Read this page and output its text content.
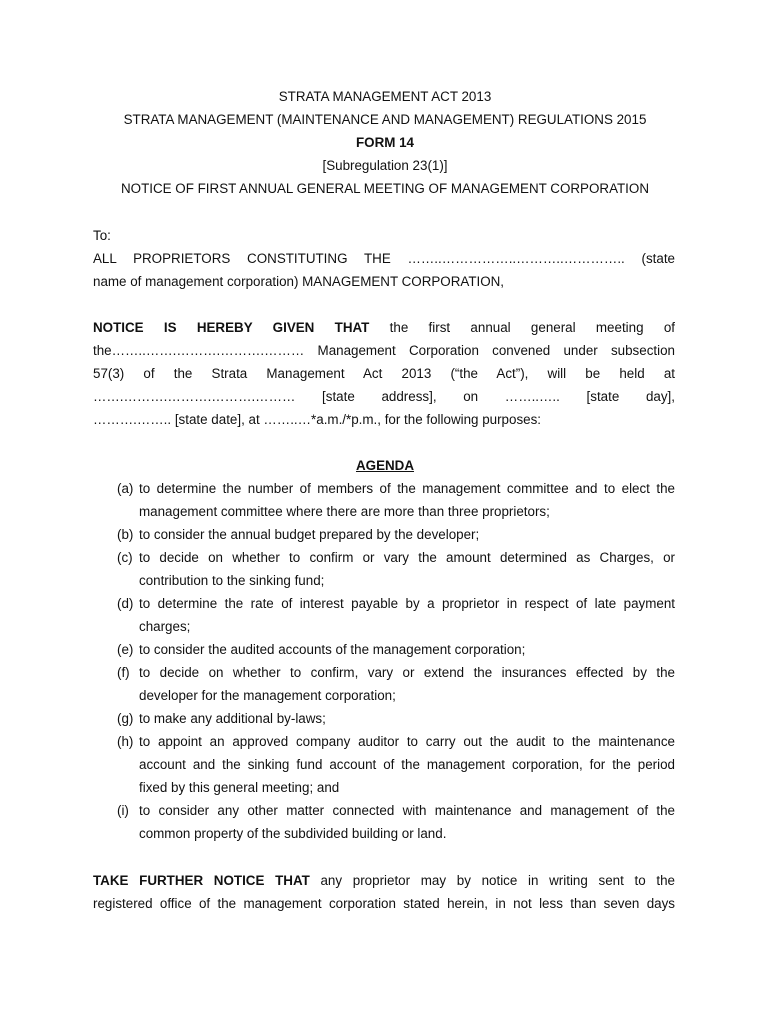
STRATA MANAGEMENT ACT 2013
STRATA MANAGEMENT (MAINTENANCE AND MANAGEMENT) REGULATIONS 2015
FORM 14
[Subregulation 23(1)]
NOTICE OF FIRST ANNUAL GENERAL MEETING OF MANAGEMENT CORPORATION
To:
ALL PROPRIETORS CONSTITUTING THE ……..……………..………..………….. (state
name of management corporation) MANAGEMENT CORPORATION,
NOTICE IS HEREBY GIVEN THAT the first annual general meeting of
the……..…….……….……….……… Management Corporation convened under subsection
57(3) of the Strata Management Act 2013 (“the Act”), will be held at
…….……….……….……….……… [state address], on ……..….. [state day],
……….…….. [state date], at ……..…*a.m./*p.m., for the following purposes:
AGENDA
(a) to determine the number of members of the management committee and to elect the
management committee where there are more than three proprietors;
(b) to consider the annual budget prepared by the developer;
(c) to decide on whether to confirm or vary the amount determined as Charges, or
contribution to the sinking fund;
(d) to determine the rate of interest payable by a proprietor in respect of late payment
charges;
(e) to consider the audited accounts of the management corporation;
(f) to decide on whether to confirm, vary or extend the insurances effected by the
developer for the management corporation;
(g) to make any additional by-laws;
(h) to appoint an approved company auditor to carry out the audit to the maintenance
account and the sinking fund account of the management corporation, for the period
fixed by this general meeting; and
(i) to consider any other matter connected with maintenance and management of the
common property of the subdivided building or land.
TAKE FURTHER NOTICE THAT any proprietor may by notice in writing sent to the
registered office of the management corporation stated herein, in not less than seven days
